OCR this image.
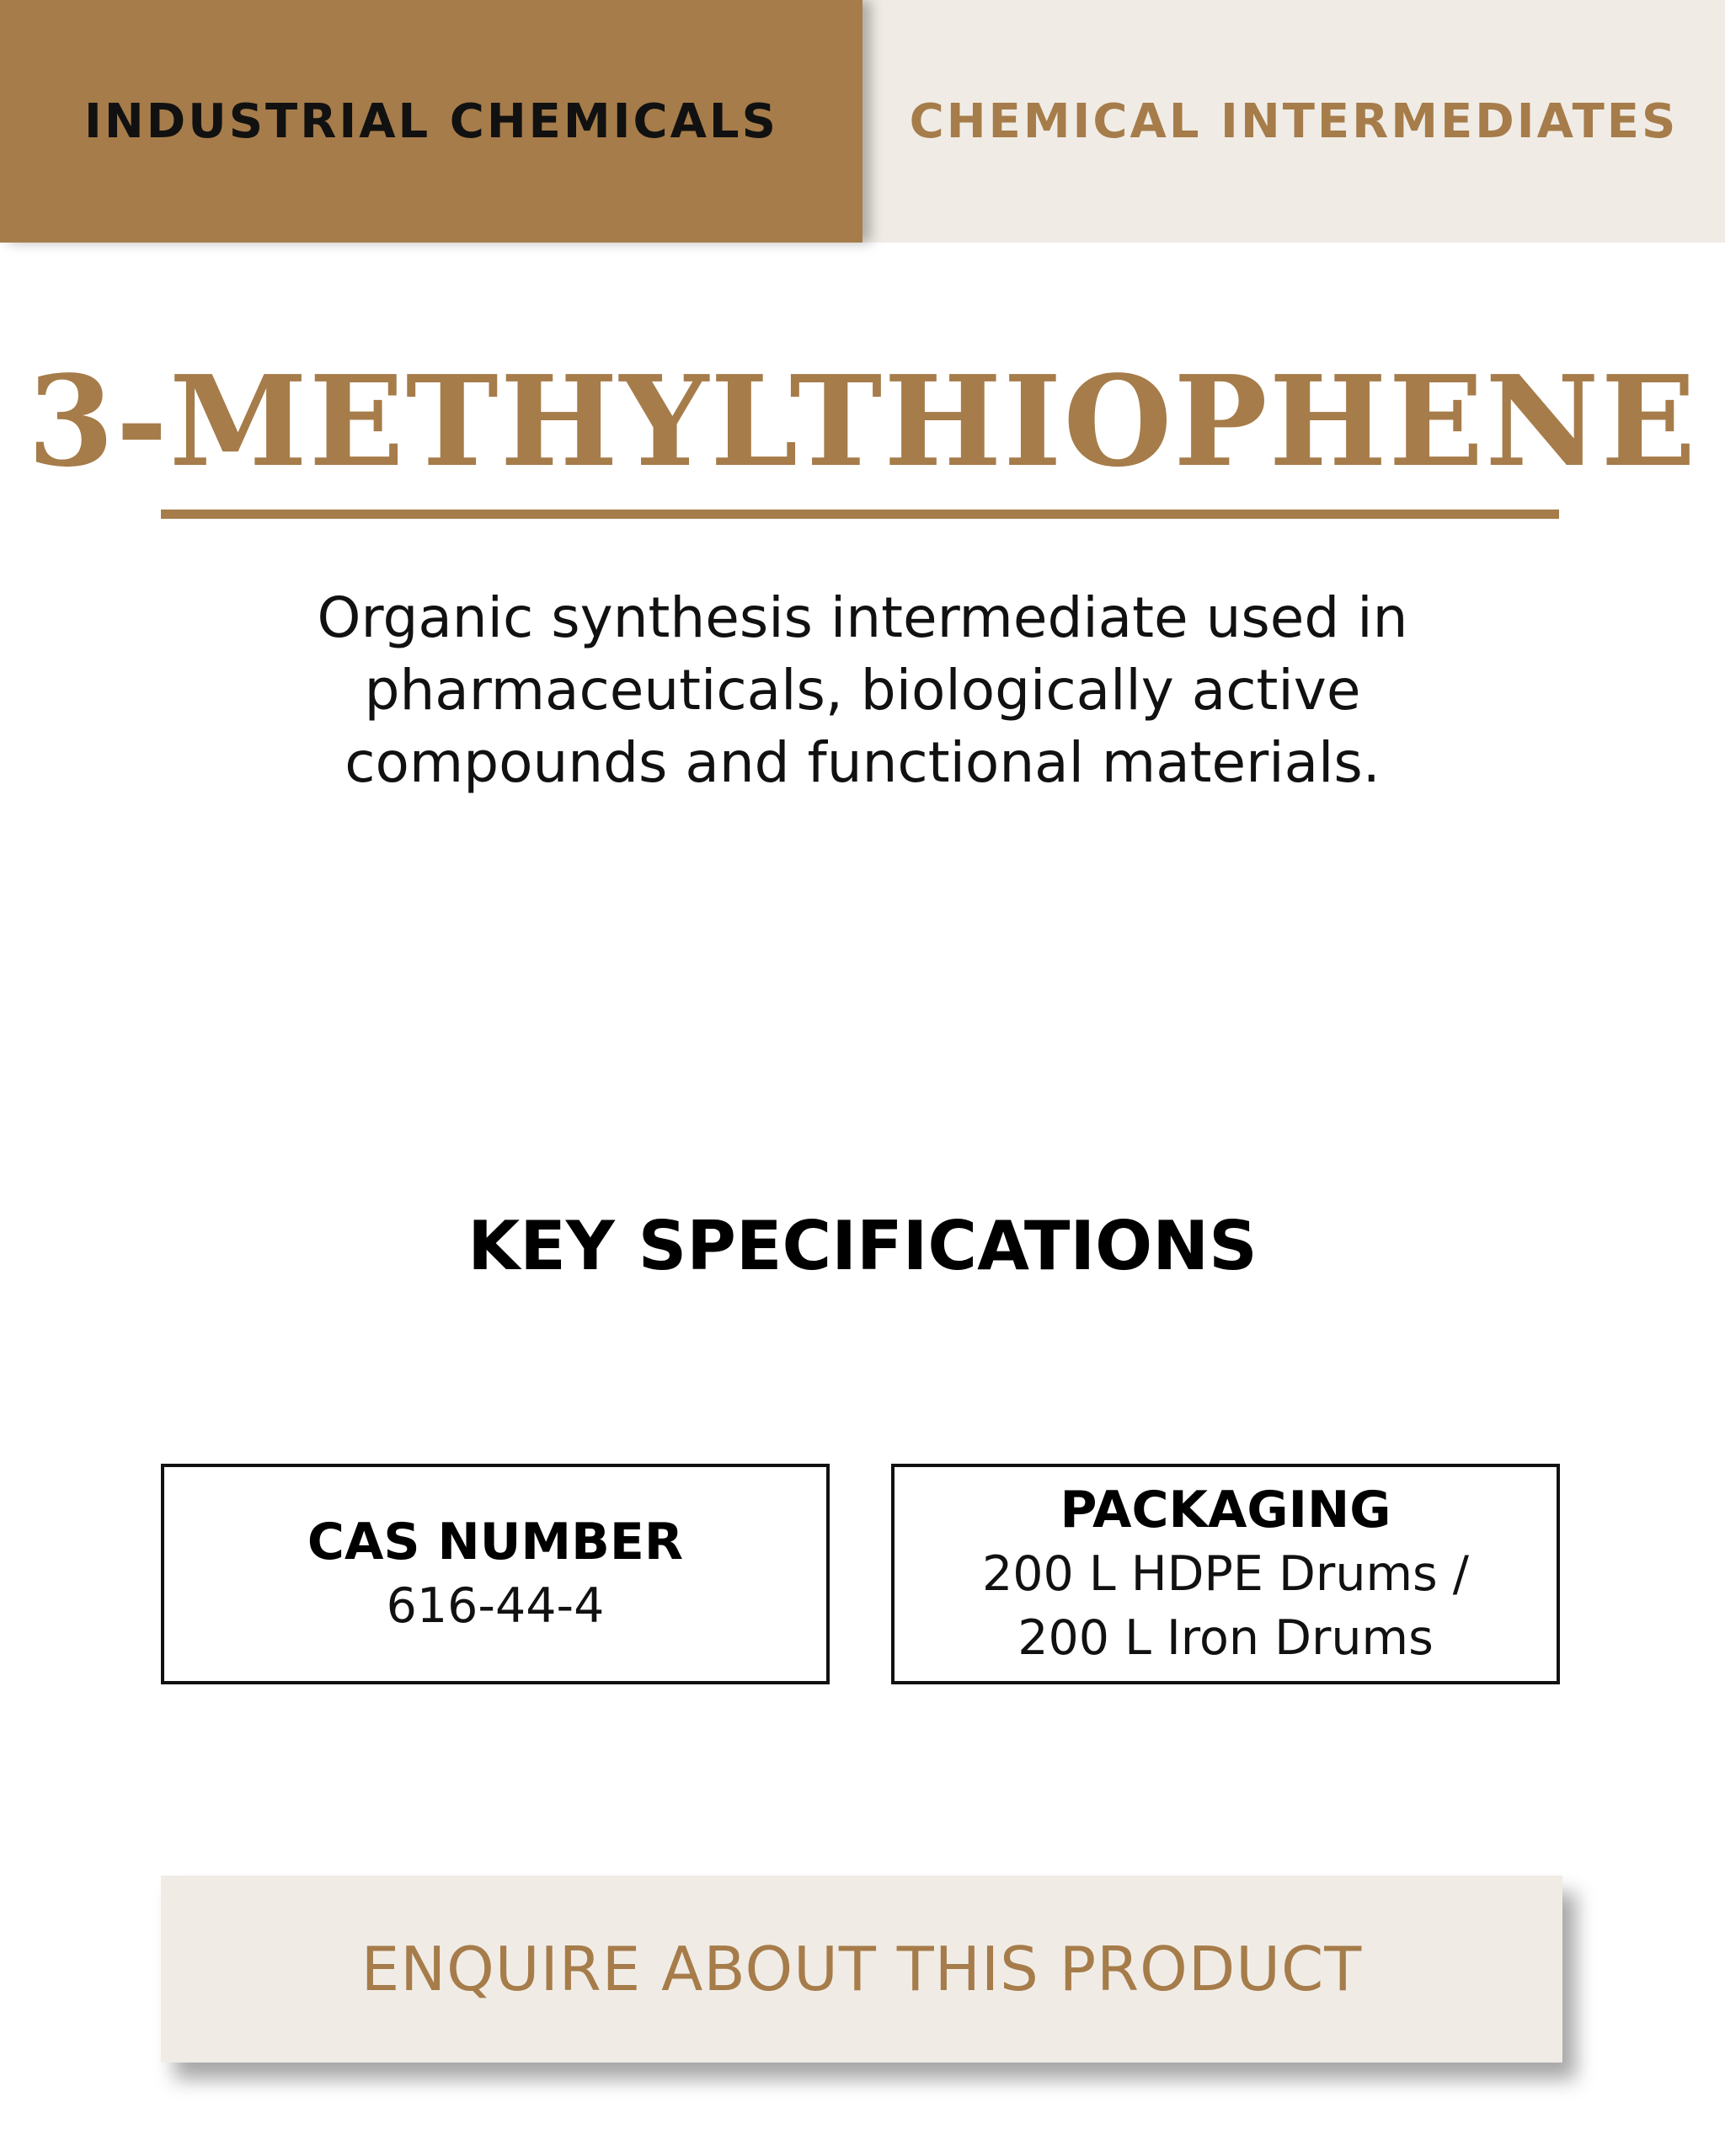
INDUSTRIAL CHEMICALS	CHEMICAL INTERMEDIATES
3-METHYLTHIOPHENE

Organic synthesis intermediate used in pharmaceuticals, biologically active compounds and functional materials.

KEY SPECIFICATIONS
CAS NUMBER
616-44-4
PACKAGING
200 L HDPE Drums /
200 L Iron Drums
ENQUIRE ABOUT THIS PRODUCT
